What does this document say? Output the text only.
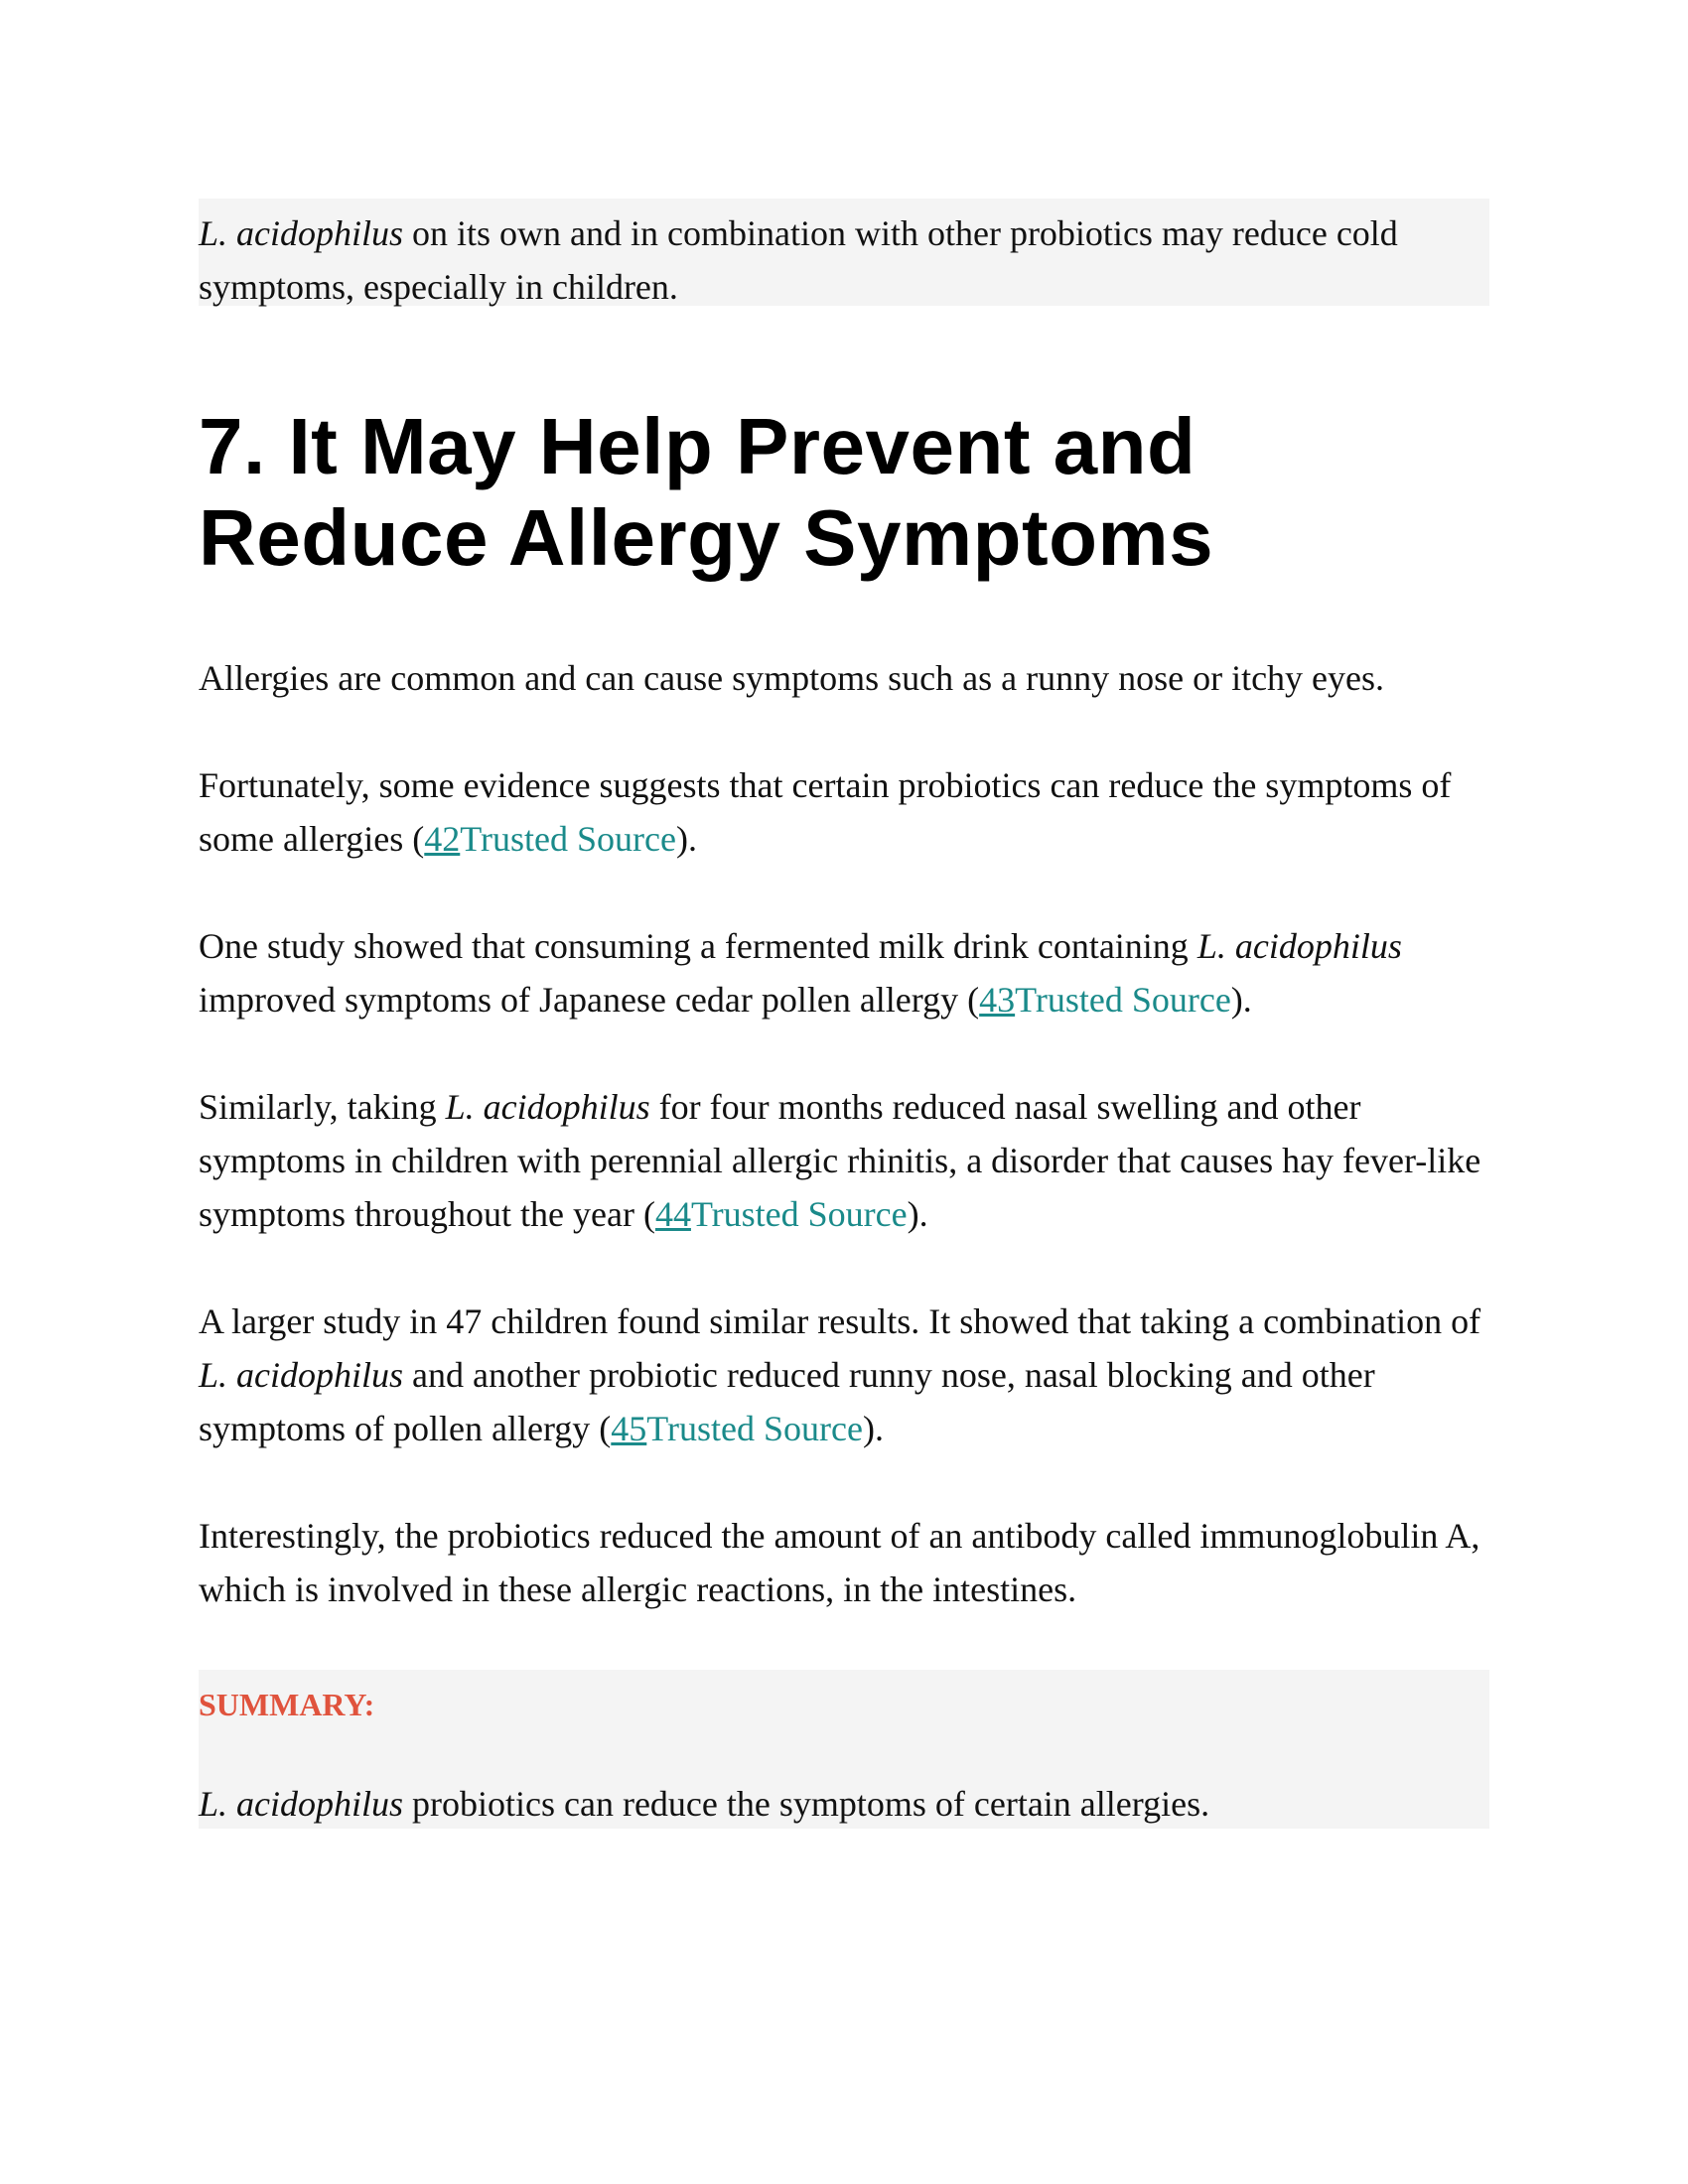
L. acidophilus on its own and in combination with other probiotics may reduce cold symptoms, especially in children.

7. It May Help Prevent and Reduce Allergy Symptoms

Allergies are common and can cause symptoms such as a runny nose or itchy eyes.

Fortunately, some evidence suggests that certain probiotics can reduce the symptoms of some allergies (42Trusted Source).

One study showed that consuming a fermented milk drink containing L. acidophilus improved symptoms of Japanese cedar pollen allergy (43Trusted Source).

Similarly, taking L. acidophilus for four months reduced nasal swelling and other symptoms in children with perennial allergic rhinitis, a disorder that causes hay fever-like symptoms throughout the year (44Trusted Source).

A larger study in 47 children found similar results. It showed that taking a combination of L. acidophilus and another probiotic reduced runny nose, nasal blocking and other symptoms of pollen allergy (45Trusted Source).

Interestingly, the probiotics reduced the amount of an antibody called immunoglobulin A, which is involved in these allergic reactions, in the intestines.

SUMMARY:

L. acidophilus probiotics can reduce the symptoms of certain allergies.
